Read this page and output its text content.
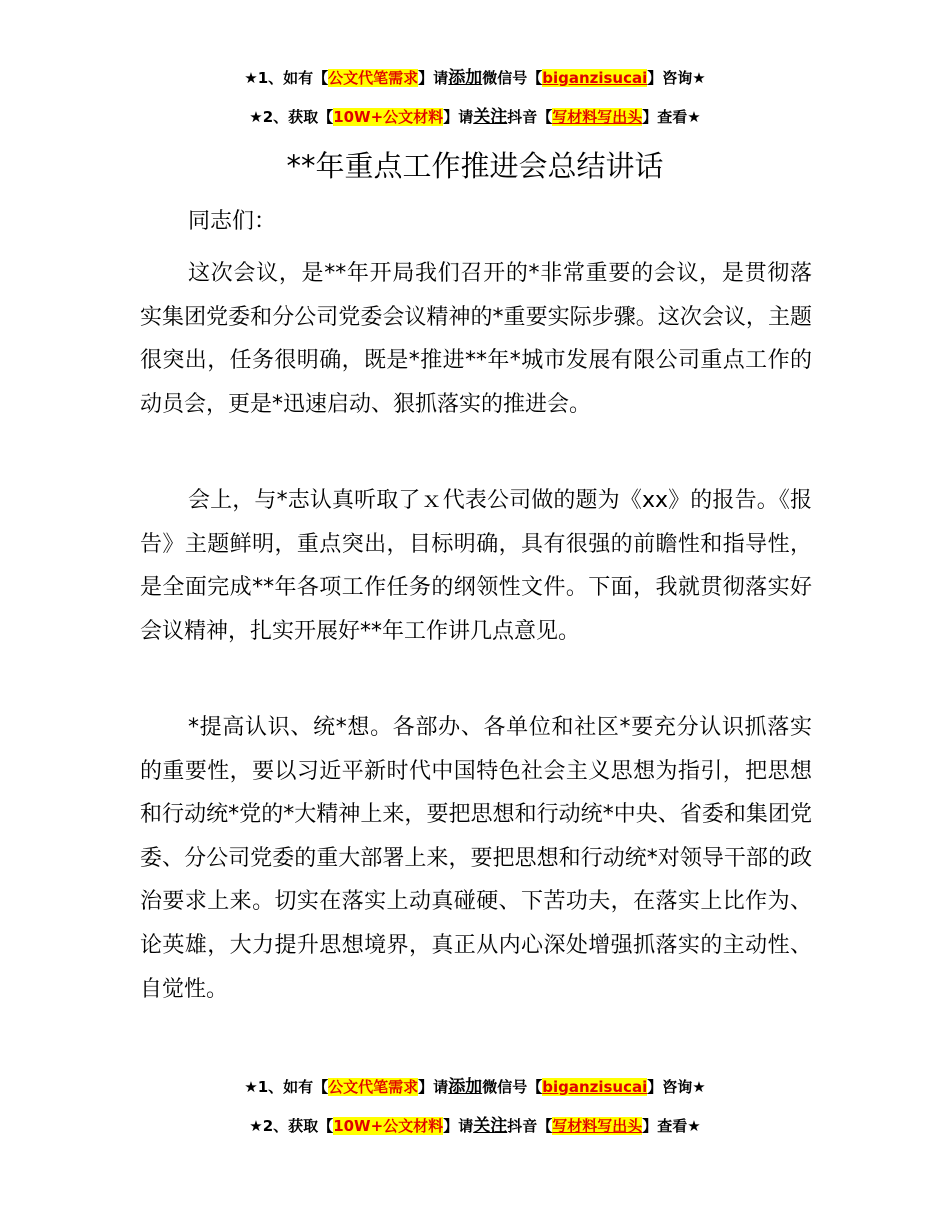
★1、如有【公文代笔需求】请添加微信号【biganzisucai】咨询★
★2、获取【10W+公文材料】请关注抖音【写材料写出头】查看★
**年重点工作推进会总结讲话
同志们：
这次会议，是**年开局我们召开的*非常重要的会议，是贯彻落实集团党委和分公司党委会议精神的*重要实际步骤。这次会议，主题很突出，任务很明确，既是*推进**年*城市发展有限公司重点工作的动员会，更是*迅速启动、狠抓落实的推进会。
会上，与*志认真听取了ｘ代表公司做的题为《xx》的报告。《报告》主题鲜明，重点突出，目标明确，具有很强的前瞻性和指导性，是全面完成**年各项工作任务的纲领性文件。下面，我就贯彻落实好会议精神，扎实开展好**年工作讲几点意见。
*提高认识、统*想。各部办、各单位和社区*要充分认识抓落实的重要性，要以习近平新时代中国特色社会主义思想为指引，把思想和行动统*党的*大精神上来，要把思想和行动统*中央、省委和集团党委、分公司党委的重大部署上来，要把思想和行动统*对领导干部的政治要求上来。切实在落实上动真碰硬、下苦功夫，在落实上比作为、论英雄，大力提升思想境界，真正从内心深处增强抓落实的主动性、自觉性。
★1、如有【公文代笔需求】请添加微信号【biganzisucai】咨询★
★2、获取【10W+公文材料】请关注抖音【写材料写出头】查看★
